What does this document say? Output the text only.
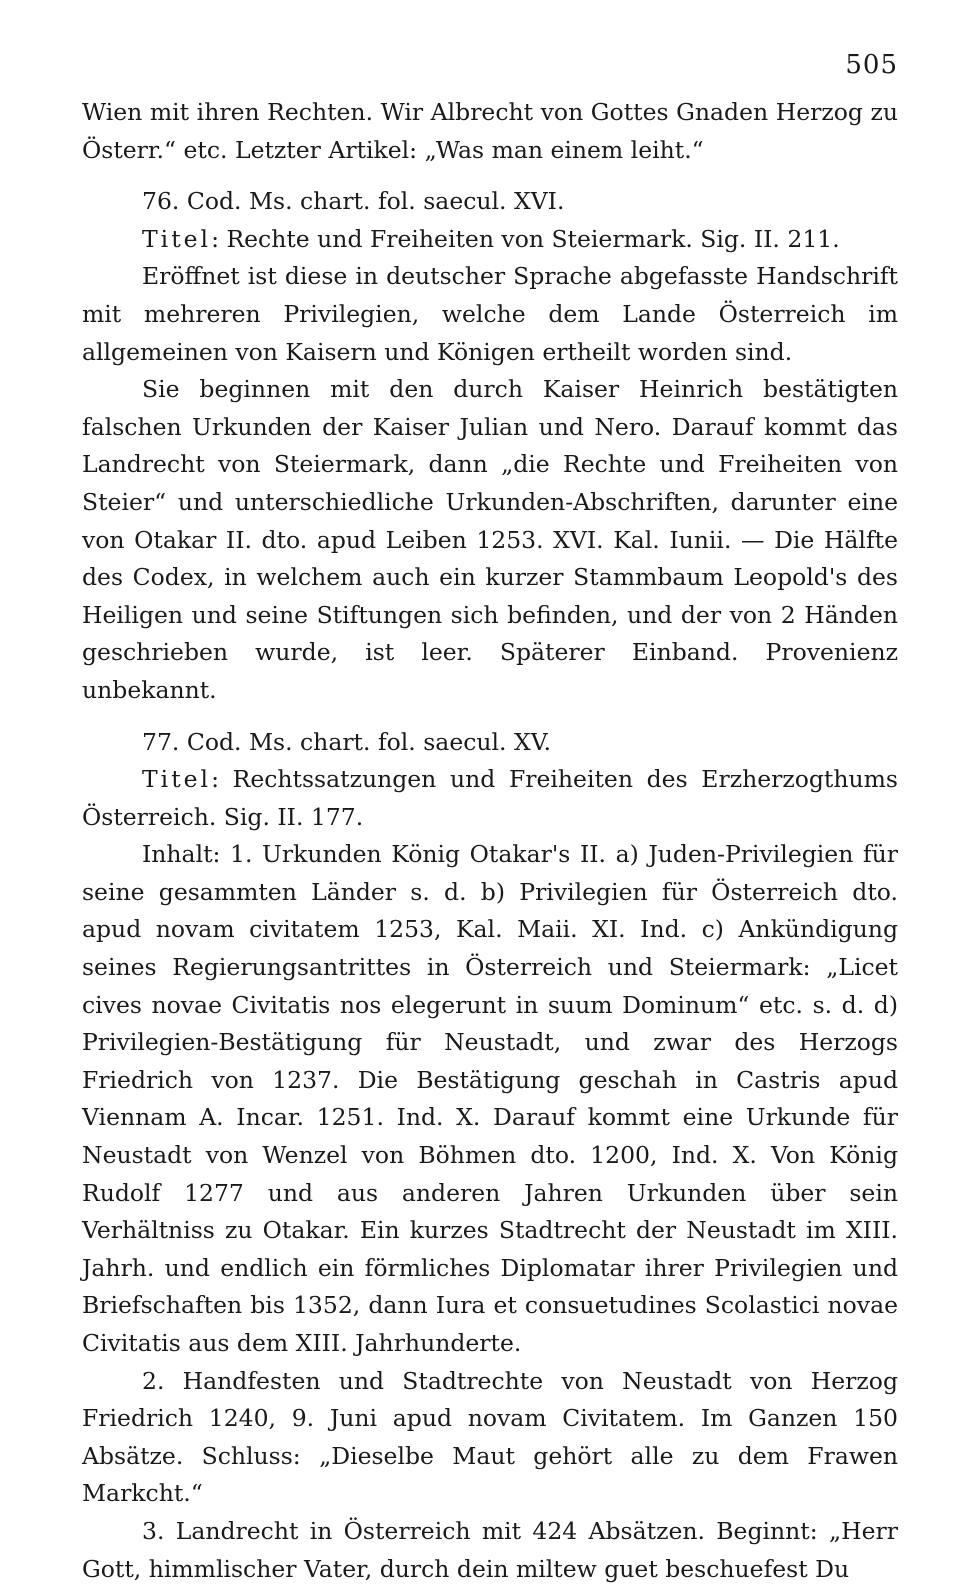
505

Wien mit ihren Rechten. Wir Albrecht von Gottes Gnaden Herzog zu Österr.“ etc. Letzter Artikel: „Was man einem leiht.“

76. Cod. Ms. chart. fol. saecul. XVI.

Titel: Rechte und Freiheiten von Steiermark. Sig. II. 211.

Eröffnet ist diese in deutscher Sprache abgefasste Handschrift mit mehreren Privilegien, welche dem Lande Österreich im allgemeinen von Kaisern und Königen ertheilt worden sind.

Sie beginnen mit den durch Kaiser Heinrich bestätigten falschen Urkunden der Kaiser Julian und Nero. Darauf kommt das Landrecht von Steiermark, dann „die Rechte und Freiheiten von Steier“ und unterschiedliche Urkunden-Abschriften, darunter eine von Otakar II. dto. apud Leiben 1253. XVI. Kal. Iunii. — Die Hälfte des Codex, in welchem auch ein kurzer Stammbaum Leopold's des Heiligen und seine Stiftungen sich befinden, und der von 2 Händen geschrieben wurde, ist leer. Späterer Einband. Provenienz unbekannt.

77. Cod. Ms. chart. fol. saecul. XV.

Titel: Rechtssatzungen und Freiheiten des Erzherzogthums Österreich. Sig. II. 177.

Inhalt: 1. Urkunden König Otakar's II. a) Juden-Privilegien für seine gesammten Länder s. d. b) Privilegien für Österreich dto. apud novam civitatem 1253, Kal. Maii. XI. Ind. c) Ankündigung seines Regierungsantrittes in Österreich und Steiermark: „Licet cives novae Civitatis nos elegerunt in suum Dominum“ etc. s. d. d) Privilegien-Bestätigung für Neustadt, und zwar des Herzogs Friedrich von 1237. Die Bestätigung geschah in Castris apud Viennam A. Incar. 1251. Ind. X. Darauf kommt eine Urkunde für Neustadt von Wenzel von Böhmen dto. 1200, Ind. X. Von König Rudolf 1277 und aus anderen Jahren Urkunden über sein Verhältniss zu Otakar. Ein kurzes Stadtrecht der Neustadt im XIII. Jahrh. und endlich ein förmliches Diplomatar ihrer Privilegien und Briefschaften bis 1352, dann Iura et consuetudines Scolastici novae Civitatis aus dem XIII. Jahrhunderte.

2. Handfesten und Stadtrechte von Neustadt von Herzog Friedrich 1240, 9. Juni apud novam Civitatem. Im Ganzen 150 Absätze. Schluss: „Dieselbe Maut gehört alle zu dem Frawen Markcht.“

3. Landrecht in Österreich mit 424 Absätzen. Beginnt: „Herr Gott, himmlischer Vater, durch dein miltew guet beschuefest Du
